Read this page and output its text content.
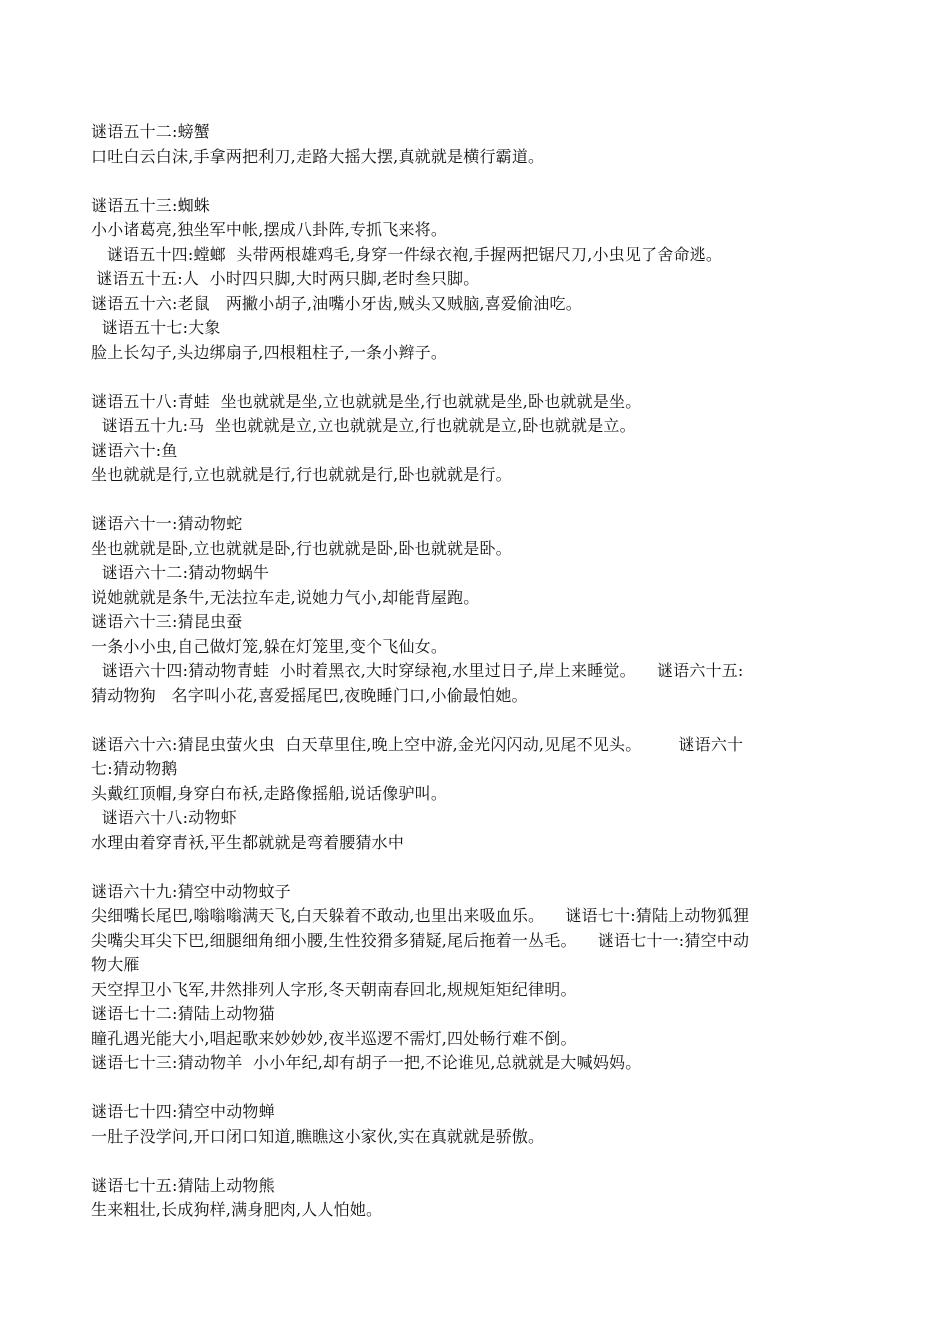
谜语五十二:螃蟹
口吐白云白沫,手拿两把利刀,走路大摇大摆,真就就是横行霸道。
谜语五十三:蜘蛛
小小诸葛亮,独坐军中帐,摆成八卦阵,专抓飞来将。
谜语五十四:螳螂  头带两根雄鸡毛,身穿一件绿衣袍,手握两把锯尺刀,小虫见了舍命逃。
谜语五十五:人  小时四只脚,大时两只脚,老时叁只脚。
谜语五十六:老鼠   两撇小胡子,油嘴小牙齿,贼头又贼脑,喜爱偷油吃。
谜语五十七:大象
脸上长勾子,头边绑扇子,四根粗柱子,一条小辫子。
谜语五十八:青蛙  坐也就就是坐,立也就就是坐,行也就就是坐,卧也就就是坐。
谜语五十九:马  坐也就就是立,立也就就是立,行也就就是立,卧也就就是立。
谜语六十:鱼
坐也就就是行,立也就就是行,行也就就是行,卧也就就是行。
谜语六十一:猜动物蛇
坐也就就是卧,立也就就是卧,行也就就是卧,卧也就就是卧。
谜语六十二:猜动物蜗牛
说她就就是条牛,无法拉车走,说她力气小,却能背屋跑。
谜语六十三:猜昆虫蚕
一条小小虫,自己做灯笼,躲在灯笼里,变个飞仙女。
谜语六十四:猜动物青蛙  小时着黑衣,大时穿绿袍,水里过日子,岸上来睡觉。    谜语六十五:
猜动物狗   名字叫小花,喜爱摇尾巴,夜晚睡门口,小偷最怕她。
谜语六十六:猜昆虫萤火虫  白天草里住,晚上空中游,金光闪闪动,见尾不见头。       谜语六十
七:猜动物鹅
头戴红顶帽,身穿白布袄,走路像摇船,说话像驴叫。
谜语六十八:动物虾
水理由着穿青袄,平生都就就是弯着腰猜水中
谜语六十九:猜空中动物蚊子
尖细嘴长尾巴,嗡嗡嗡满天飞,白天躲着不敢动,也里出来吸血乐。    谜语七十:猜陆上动物狐狸
尖嘴尖耳尖下巴,细腿细角细小腰,生性狡猾多猜疑,尾后拖着一丛毛。    谜语七十一:猜空中动
物大雁
天空捍卫小飞军,井然排列人字形,冬天朝南春回北,规规矩矩纪律明。
谜语七十二:猜陆上动物猫
瞳孔遇光能大小,唱起歌来妙妙妙,夜半巡逻不需灯,四处畅行难不倒。
谜语七十三:猜动物羊  小小年纪,却有胡子一把,不论谁见,总就就是大喊妈妈。
谜语七十四:猜空中动物蝉
一肚子没学问,开口闭口知道,瞧瞧这小家伙,实在真就就是骄傲。
谜语七十五:猜陆上动物熊
生来粗壮,长成狗样,满身肥肉,人人怕她。
